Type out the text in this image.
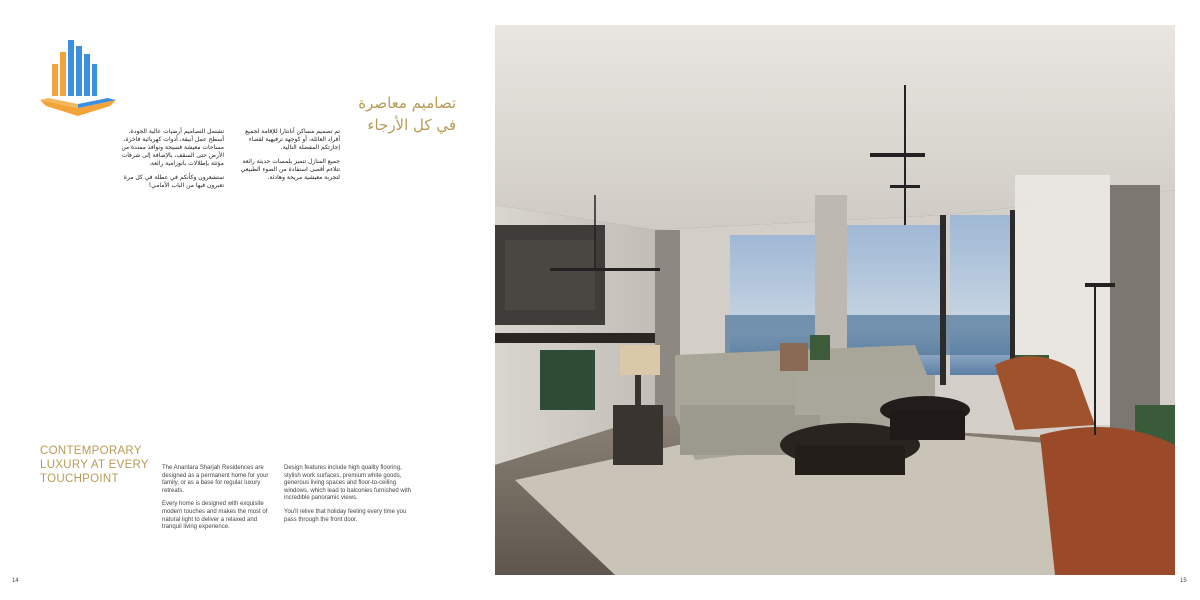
تصاميم معاصرة
في كل الأرجاء

تشتمل التصاميم أرضيات عالية الجودة، أسطح عمل أنيقة، أدوات كهربائية فاخرة، مساحات معيشة فسيحة ونوافذ ممتدة من الأرض حتى السقف، بالإضافة إلى شرفات مؤثثة بإطلالات بانورامية رائعة.

ستشعرون وكأنكم في عطلة في كل مرة تعبرون فيها من الباب الأمامي!

تم تصميم مساكن أنانتارا للإقامة لجميع أفراد العائلة، أو كوجهة ترفيهية لقضاء إجازتكم المفضلة التالية.

جميع المنازل تتميز بلمسات حديثة رائعة تتلاءم أقصى استفادة من الضوء الطبيعي لتجربة معيشية مريحة وهادئة.

CONTEMPORARY
LUXURY AT EVERY
TOUCHPOINT

The Anantara Sharjah Residences are designed as a permanent home for your family, or as a base for regular luxury retreats.

Every home is designed with exquisite modern touches and makes the most of natural light to deliver a relaxed and tranquil living experience.

Design features include high quality flooring, stylish work surfaces, premium white goods, generous living spaces and floor-to-ceiling windows, which lead to balconies furnished with incredible panoramic views.

You'll relive that holiday feeling every time you pass through the front door.

14	15
